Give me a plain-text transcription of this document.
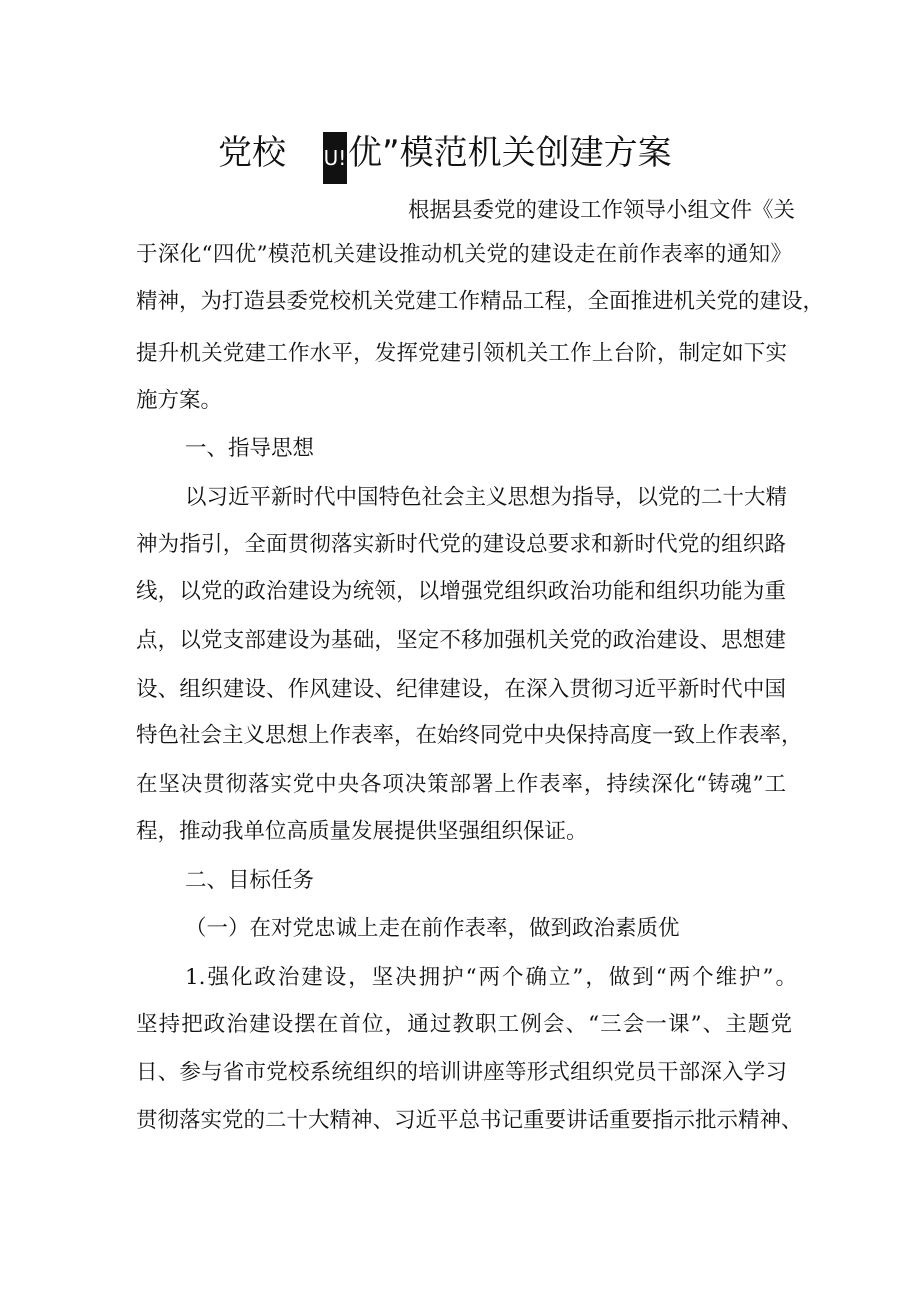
党校 U! 优”模范机关创建方案
根据县委党的建设工作领导小组文件《关
于深化“四优”模范机关建设推动机关党的建设走在前作表率的通知》
精神，为打造县委党校机关党建工作精品工程，全面推进机关党的建设，
提升机关党建工作水平，发挥党建引领机关工作上台阶，制定如下实
施方案。
一、指导思想
以习近平新时代中国特色社会主义思想为指导，以党的二十大精
神为指引，全面贯彻落实新时代党的建设总要求和新时代党的组织路
线，以党的政治建设为统领，以增强党组织政治功能和组织功能为重
点，以党支部建设为基础，坚定不移加强机关党的政治建设、思想建
设、组织建设、作风建设、纪律建设，在深入贯彻习近平新时代中国
特色社会主义思想上作表率，在始终同党中央保持高度一致上作表率，
在坚决贯彻落实党中央各项决策部署上作表率，持续深化“铸魂”工
程，推动我单位高质量发展提供坚强组织保证。
二、目标任务
（一）在对党忠诚上走在前作表率，做到政治素质优
1.强化政治建设，坚决拥护“两个确立”，做到“两个维护”。
坚持把政治建设摆在首位，通过教职工例会、“三会一课”、主题党
日、参与省市党校系统组织的培训讲座等形式组织党员干部深入学习
贯彻落实党的二十大精神、习近平总书记重要讲话重要指示批示精神、
